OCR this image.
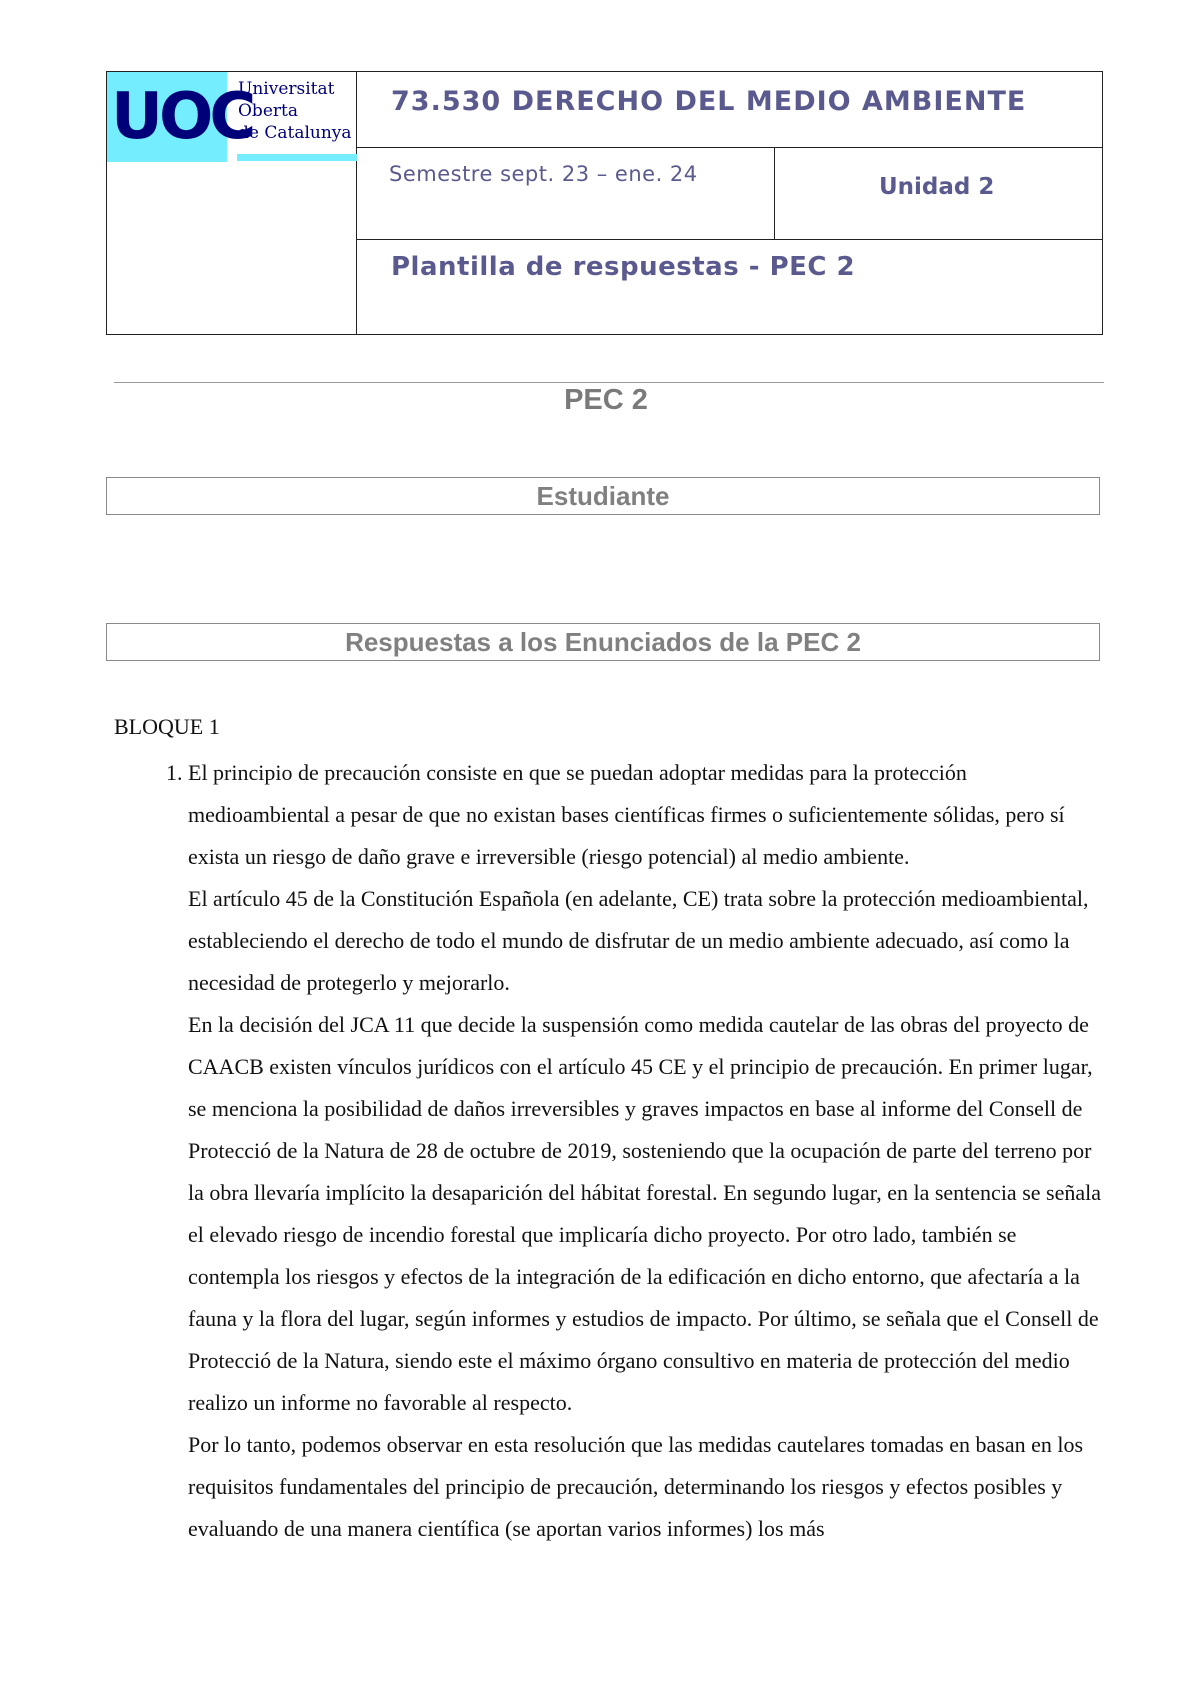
UOC
Universitat
Oberta
de Catalunya	73.530 DERECHO DEL MEDIO AMBIENTE	

	Semestre sept. 23 – ene. 24	Unidad 2

	Plantilla de respuestas - PEC 2	
PEC 2
Estudiante
Respuestas a los Enunciados de la PEC 2
BLOQUE 1

1. El principio de precaución consiste en que se puedan adoptar medidas para la protección medioambiental a pesar de que no existan bases científicas firmes o suficientemente sólidas, pero sí exista un riesgo de daño grave e irreversible (riesgo potencial) al medio ambiente.

El artículo 45 de la Constitución Española (en adelante, CE) trata sobre la protección medioambiental, estableciendo el derecho de todo el mundo de disfrutar de un medio ambiente adecuado, así como la necesidad de protegerlo y mejorarlo.

En la decisión del JCA 11 que decide la suspensión como medida cautelar de las obras del proyecto de CAACB existen vínculos jurídicos con el artículo 45 CE y el principio de precaución. En primer lugar, se menciona la posibilidad de daños irreversibles y graves impactos en base al informe del Consell de Protecció de la Natura de 28 de octubre de 2019, sosteniendo que la ocupación de parte del terreno por la obra llevaría implícito la desaparición del hábitat forestal. En segundo lugar, en la sentencia se señala el elevado riesgo de incendio forestal que implicaría dicho proyecto. Por otro lado, también se contempla los riesgos y efectos de la integración de la edificación en dicho entorno, que afectaría a la fauna y la flora del lugar, según informes y estudios de impacto. Por último, se señala que el Consell de Protecció de la Natura, siendo este el máximo órgano consultivo en materia de protección del medio realizo un informe no favorable al respecto.

Por lo tanto, podemos observar en esta resolución que las medidas cautelares tomadas en basan en los requisitos fundamentales del principio de precaución, determinando los riesgos y efectos posibles y evaluando de una manera científica (se aportan varios informes) los más
